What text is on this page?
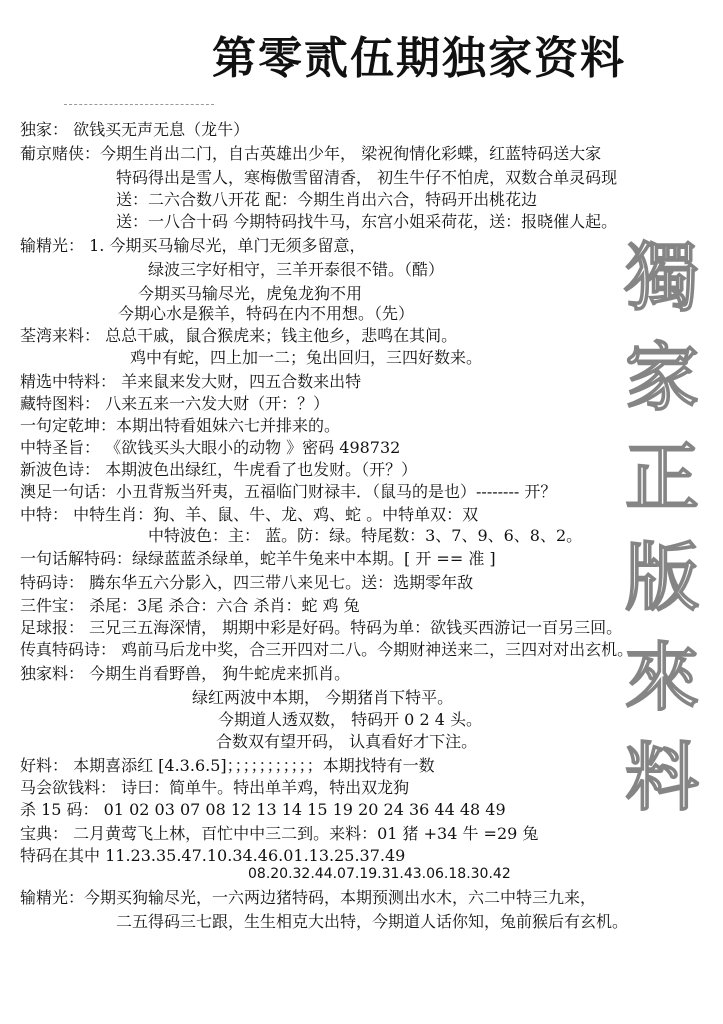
第零贰伍期独家资料
独家： 欲钱买无声无息（龙牛）
葡京赌侠：今期生肖出二门，自古英雄出少年， 梁祝徇情化彩蝶，红蓝特码送大家
特码得出是雪人，寒梅傲雪留清香， 初生牛仔不怕虎，双数合单灵码现
送：二六合数八开花 配：今期生肖出六合，特码开出桃花边
送：一八合十码 今期特码找牛马，东宫小姐采荷花，送：报晓催人起。
输精光： 1. 今期买马输尽光，单门无须多留意，
绿波三字好相守，三羊开泰很不错。（酷）
今期买马输尽光，虎兔龙狗不用
今期心水是猴羊，特码在内不用想。（先）
荃湾来料： 总总干戚，鼠合猴虎来；钱主他乡，悲鸣在其间。
鸡中有蛇，四上加一二；兔出回归，三四好数来。
精选中特料： 羊来鼠来发大财，四五合数来出特
藏特图料： 八来五来一六发大财（开：？）
一句定乾坤：本期出特看姐妹六七并排来的。
中特圣旨： 《欲钱买头大眼小的动物 》密码 498732
新波色诗： 本期波色出绿红，牛虎看了也发财。（开？）
澳足一句话：小丑背叛当歼夷，五福临门财禄丰．（鼠马的是也）-------- 开？
中特： 中特生肖：狗、羊、鼠、牛、龙、鸡、蛇 。中特单双：双
中特波色：主： 蓝。防：绿。特尾数：3、7、9、6、8、2。
一句话解特码：绿绿蓝蓝杀绿单，蛇羊牛兔来中本期。[ 开 == 准 ]
特码诗： 腾东华五六分影入，四三带八来见七。送：选期零年敌
三件宝： 杀尾：3尾 杀合：六合 杀肖：蛇 鸡 兔
足球报： 三兄三五海深情， 期期中彩是好码。特码为单：欲钱买西游记一百另三回。
传真特码诗： 鸡前马后龙中奖，合三开四对二八。今期财神送来二，三四对对出玄机。
独家料： 今期生肖看野兽， 狗牛蛇虎来抓肖。
绿红两波中本期， 今期猪肖下特平。
今期道人透双数， 特码开 0 2 4 头。
合数双有望开码， 认真看好才下注。
好料： 本期喜添红 [4.3.6.5]；；；；；；；；；；；本期找特有一数
马会欲钱料： 诗曰：简单牛。特出单羊鸡，特出双龙狗
杀 15 码： 01 02 03 07 08 12 13 14 15 19 20 24 36 44 48 49
宝典： 二月黄莺飞上林，百忙中中三二到。来料：01 猪 +34 牛 =29 兔
特码在其中 11.23.35.47.10.34.46.01.13.25.37.49
08.20.32.44.07.19.31.43.06.18.30.42
输精光：今期买狗输尽光，一六两边猪特码，本期预测出水木，六二中特三九来，
二五得码三七跟，生生相克大出特，今期道人话你知，兔前猴后有玄机。
獨
家
正
版
來
料
